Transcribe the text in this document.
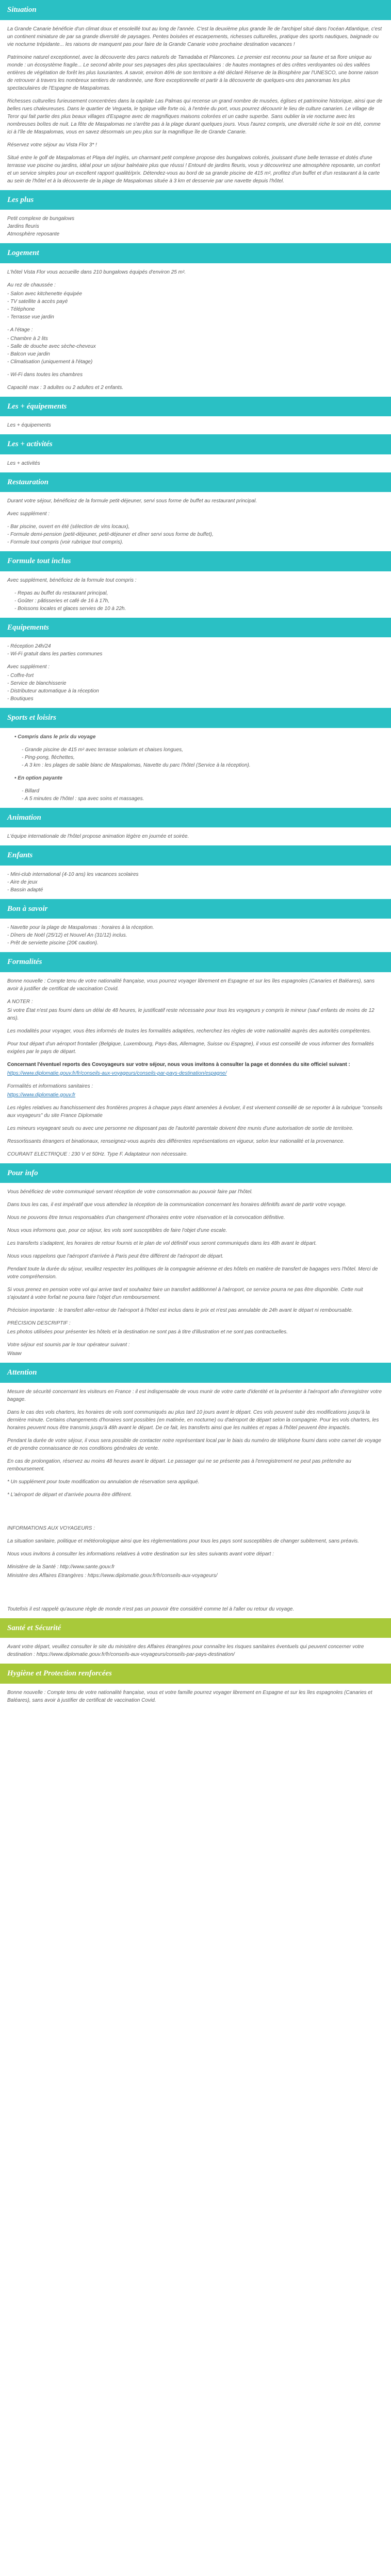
Situation

La Grande Canarie bénéficie d'un climat doux et ensoleillé tout au long de l'année. C'est la deuxième plus grande île de l'archipel situé dans l'océan Atlantique, c'est un continent miniature de par sa grande diversité de paysages. Pentes boisées et escarpements, richesses culturelles, pratique des sports nautiques, baignade ou vie nocturne trépidante... les raisons de manquent pas pour faire de la Grande Canarie votre prochaine destination vacances !

Patrimoine naturel exceptionnel, avec la découverte des parcs naturels de Tamadaba et Pilancones. Le premier est reconnu pour sa faune et sa flore unique au monde : un écosystème fragile... Le second abrite pour ses paysages des plus spectaculaires : de hautes montagnes et des crêtes verdoyantes où des vallées entières de végétation de forêt les plus luxuriantes. A savoir, environ 46% de son territoire a été déclaré Réserve de la Biosphère par l'UNESCO, une bonne raison de retrouver à travers les nombreux sentiers de randonnée, une flore exceptionnelle et partir à la découverte de quelques-uns des panoramas les plus spectaculaires de l'Espagne de Maspalomas.

Richesses culturelles furieusement concentrées dans la capitale Las Palmas qui recense un grand nombre de musées, églises et patrimoine historique, ainsi que de belles rues chaleureuses. Dans le quartier de Vegueta, le typique ville forte où, à l'entrée du port, vous pourrez découvrir le lieu de culture canarien. Le village de Teror qui fait partie des plus beaux villages d'Espagne avec de magnifiques maisons colorées et un cadre superbe. Sans oublier la vie nocturne avec les nombreuses boîtes de nuit. La fête de Maspalomas ne s'arrête pas à la plage durant quelques jours. Vous l'aurez compris, une diversité riche le soir en été, comme ici à l'île de Maspalomas, vous en savez désormais un peu plus sur la magnifique île de Grande Canarie.

Réservez votre séjour au Vista Flor 3* !

Situé entre le golf de Maspalomas et Playa del Inglés, un charmant petit complexe propose des bungalows colorés, jouissant d'une belle terrasse et dotés d'une terrasse vue piscine ou jardins, idéal pour un séjour balnéaire plus que réussi ! Entouré de jardins fleuris, vous y découvrirez une atmosphère reposante, un confort et un service simples pour un excellent rapport qualité/prix. Détendez-vous au bord de sa grande piscine de 415 m², profitez d'un buffet et d'un restaurant à la carte au sein de l'hôtel et à la découverte de la plage de Maspalomas située à 3 km et desservie par une navette depuis l'hôtel.

Les plus
Petit complexe de bungalows
Jardins fleuris
Atmosphère reposante
Logement

L'hôtel Vista Flor vous accueille dans 210 bungalows équipés d'environ 25 m².

Au rez de chaussée :

- Salon avec kitchenette équipée
- TV satellite à accès payé
- Téléphone
- Terrasse vue jardin

- A l'étage :

- Chambre à 2 lits
- Salle de douche avec sèche-cheveux
- Balcon vue jardin
- Climatisation (uniquement à l'étage)

- Wi-Fi dans toutes les chambres

Capacité max : 3 adultes ou 2 adultes et 2 enfants.

Les + équipements

Les + équipements

Les + activités

Les + activités

Restauration

Durant votre séjour, bénéficiez de la formule petit-déjeuner, servi sous forme de buffet au restaurant principal.

Avec supplément :

- Bar piscine, ouvert en été (sélection de vins locaux),
- Formule demi-pension (petit-déjeuner, petit-déjeuner et dîner servi sous forme de buffet),
- Formule tout compris (voir rubrique tout compris).
Formule tout inclus

Avec supplément, bénéficiez de la formule tout compris :

- Repas au buffet du restaurant principal,
- Goûter : pâtisseries et café de 16 à 17h,
- Boissons locales et glaces servies de 10 à 22h.
Equipements
- Réception 24h/24
- Wi-Fi gratuit dans les parties communes

Avec supplément :

- Coffre-fort
- Service de blanchisserie
- Distributeur automatique à la réception
- Boutiques
Sports et loisirs
• Compris dans le prix du voyage
- Grande piscine de 415 m² avec terrasse solarium et chaises longues,
- Ping-pong, fléchettes,
- A 3 km : les plages de sable blanc de Maspalomas, Navette du parc l'hôtel (Service à la réception).
• En option payante
- Billard
- A 5 minutes de l'hôtel : spa avec soins et massages.
Animation

L'équipe internationale de l'hôtel propose animation légère en journée et soirée.

Enfants
- Mini-club international (4-10 ans) les vacances scolaires
- Aire de jeux
- Bassin adapté
Bon à savoir
- Navette pour la plage de Maspalomas : horaires à la réception.
- Dîners de Noël (25/12) et Nouvel An (31/12) inclus.
- Prêt de serviette piscine (20€ caution).
Formalités

Bonne nouvelle : Compte tenu de votre nationalité française, vous pourrez voyager librement en Espagne et sur les îles espagnoles (Canaries et Baléares), sans avoir à justifier de certificat de vaccination Covid.

A NOTER :

Si votre État n'est pas fourni dans un délai de 48 heures, le justificatif reste nécessaire pour tous les voyageurs y compris le mineur (sauf enfants de moins de 12 ans).

Les modalités pour voyager, vous êtes informés de toutes les formalités adaptées, recherchez les règles de votre nationalité auprès des autorités compétentes.

Pour tout départ d'un aéroport frontalier (Belgique, Luxembourg, Pays-Bas, Allemagne, Suisse ou Espagne), il vous est conseillé de vous informer des formalités exigées par le pays de départ.

Concernant l'éventuel reports des Covoyageurs sur votre séjour, nous vous invitons à consulter la page et données du site officiel suivant :

https://www.diplomatie.gouv.fr/fr/conseils-aux-voyageurs/conseils-par-pays-destination/espagne/

Formalités et informations sanitaires :

https://www.diplomatie.gouv.fr

Les règles relatives au franchissement des frontières propres à chaque pays étant amenées à évoluer, il est vivement conseillé de se reporter à la rubrique "conseils aux voyageurs" du site France Diplomatie

Les mineurs voyageant seuls ou avec une personne ne disposant pas de l'autorité parentale doivent être munis d'une autorisation de sortie de territoire.

Ressortissants étrangers et binationaux, renseignez-vous auprès des différentes représentations en vigueur, selon leur nationalité et la provenance.

COURANT ELECTRIQUE : 230 V et 50Hz. Type F. Adaptateur non nécessaire.

Pour info

Vous bénéficiez de votre communiqué servant réception de votre consommation au pouvoir faire par l'hôtel.

Dans tous les cas, il est impératif que vous attendiez la réception de la communication concernant les horaires définitifs avant de partir votre voyage.

Nous ne pouvons être tenus responsables d'un changement d'horaires entre votre réservation et la convocation définitive.

Nous vous informons que, pour ce séjour, les vols sont susceptibles de faire l'objet d'une escale.

Les transferts s'adaptent, les horaires de retour fournis et le plan de vol définitif vous seront communiqués dans les 48h avant le départ.

Nous vous rappelons que l'aéroport d'arrivée à Paris peut être différent de l'aéroport de départ.

Pendant toute la durée du séjour, veuillez respecter les politiques de la compagnie aérienne et des hôtels en matière de transfert de bagages vers l'hôtel. Merci de votre compréhension.

Si vous prenez en pension votre vol qui arrive tard et souhaitez faire un transfert additionnel à l'aéroport, ce service pourra ne pas être disponible. Cette nuit s'ajoutant à votre forfait ne pourra faire l'objet d'un remboursement.

Précision importante : le transfert aller-retour de l'aéroport à l'hôtel est inclus dans le prix et n'est pas annulable de 24h avant le départ ni remboursable.

PRÉCISION DESCRIPTIF :

Les photos utilisées pour présenter les hôtels et la destination ne sont pas à titre d'illustration et ne sont pas contractuelles.

Votre séjour est soumis par le tour opérateur suivant :

Waaw

Attention

Mesure de sécurité concernant les visiteurs en France : il est indispensable de vous munir de votre carte d'identité et la présenter à l'aéroport afin d'enregistrer votre bagage.

Dans le cas des vols charters, les horaires de vols sont communiqués au plus tard 10 jours avant le départ. Ces vols peuvent subir des modifications jusqu'à la dernière minute. Certains changements d'horaires sont possibles (en matinée, en nocturne) ou d'aéroport de départ selon la compagnie. Pour les vols charters, les horaires peuvent nous être transmis jusqu'à 48h avant le départ. De ce fait, les transferts ainsi que les nuitées et repas à l'hôtel peuvent être impactés.

Pendant la durée de votre séjour, il vous sera possible de contacter notre représentant local par le biais du numéro de téléphone fourni dans votre carnet de voyage et de prendre connaissance de nos conditions générales de vente.

En cas de prolongation, réservez au moins 48 heures avant le départ. Le passager qui ne se présente pas à l'enregistrement ne peut pas prétendre au remboursement.

* Un supplément pour toute modification ou annulation de réservation sera appliqué.

* L'aéroport de départ et d'arrivée pourra être différent.

INFORMATIONS AUX VOYAGEURS :

La situation sanitaire, politique et météorologique ainsi que les règlementations pour tous les pays sont susceptibles de changer subitement, sans préavis.

Nous vous invitons à consulter les informations relatives à votre destination sur les sites suivants avant votre départ :

Ministère de la Santé : http://www.sante.gouv.fr

Ministère des Affaires Etrangères : https://www.diplomatie.gouv.fr/fr/conseils-aux-voyageurs/

Toutefois il est rappelé qu'aucune règle de monde n'est pas un pouvoir être considéré comme tel à l'aller ou retour du voyage.

Santé et Sécurité

Avant votre départ, veuillez consulter le site du ministère des Affaires étrangères pour connaître les risques sanitaires éventuels qui peuvent concerner votre destination : https://www.diplomatie.gouv.fr/fr/conseils-aux-voyageurs/conseils-par-pays-destination/

Hygiène et Protection renforcées

Bonne nouvelle : Compte tenu de votre nationalité française, vous et votre famille pourrez voyager librement en Espagne et sur les îles espagnoles (Canaries et Baléares), sans avoir à justifier de certificat de vaccination Covid.
